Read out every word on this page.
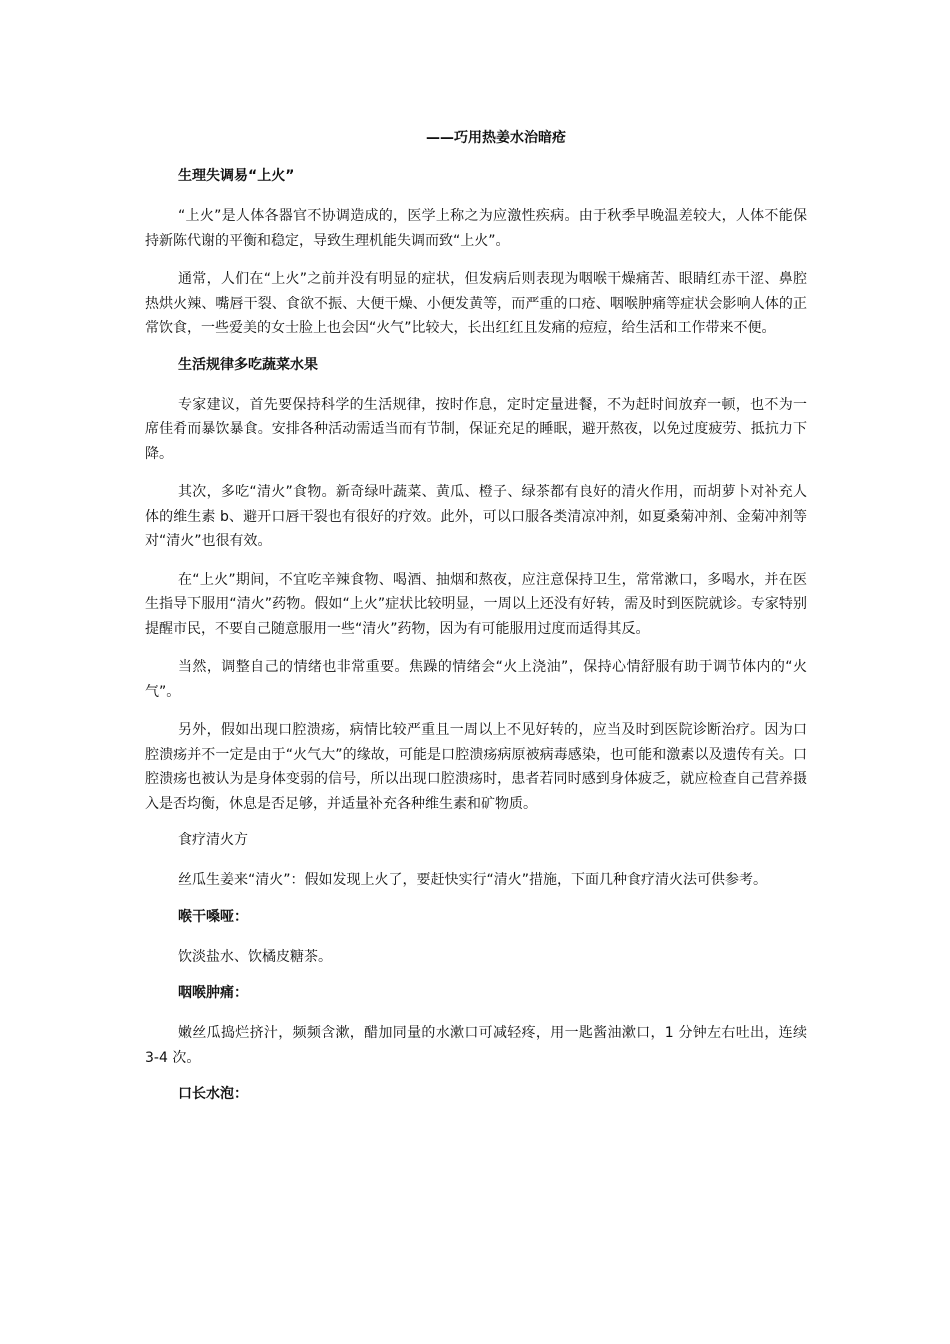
——巧用热姜水治暗疮
生理失调易“上火”

“上火”是人体各器官不协调造成的，医学上称之为应激性疾病。由于秋季早晚温差较大，人体不能保持新陈代谢的平衡和稳定，导致生理机能失调而致“上火”。

通常，人们在“上火”之前并没有明显的症状，但发病后则表现为咽喉干燥痛苦、眼睛红赤干涩、鼻腔热烘火辣、嘴唇干裂、食欲不振、大便干燥、小便发黄等，而严重的口疮、咽喉肿痛等症状会影响人体的正常饮食，一些爱美的女士脸上也会因“火气”比较大，长出红红且发痛的痘痘，给生活和工作带来不便。

生活规律多吃蔬菜水果

专家建议，首先要保持科学的生活规律，按时作息，定时定量进餐，不为赶时间放弃一顿，也不为一席佳肴而暴饮暴食。安排各种活动需适当而有节制，保证充足的睡眠，避开熬夜，以免过度疲劳、抵抗力下降。

其次，多吃“清火”食物。新奇绿叶蔬菜、黄瓜、橙子、绿茶都有良好的清火作用，而胡萝卜对补充人体的维生素 b、避开口唇干裂也有很好的疗效。此外，可以口服各类清凉冲剂，如夏桑菊冲剂、金菊冲剂等对“清火”也很有效。

在“上火”期间，不宜吃辛辣食物、喝酒、抽烟和熬夜，应注意保持卫生，常常漱口，多喝水，并在医生指导下服用“清火”药物。假如“上火”症状比较明显，一周以上还没有好转，需及时到医院就诊。专家特别提醒市民，不要自己随意服用一些“清火”药物，因为有可能服用过度而适得其反。

当然，调整自己的情绪也非常重要。焦躁的情绪会“火上浇油”，保持心情舒服有助于调节体内的“火气”。

另外，假如出现口腔溃疡，病情比较严重且一周以上不见好转的，应当及时到医院诊断治疗。因为口腔溃疡并不一定是由于“火气大”的缘故，可能是口腔溃疡病原被病毒感染，也可能和激素以及遗传有关。口腔溃疡也被认为是身体变弱的信号，所以出现口腔溃疡时，患者若同时感到身体疲乏，就应检查自己营养摄入是否均衡，休息是否足够，并适量补充各种维生素和矿物质。

食疗清火方

丝瓜生姜来“清火”：假如发现上火了，要赶快实行“清火”措施，下面几种食疗清火法可供参考。

喉干嗓哑：

饮淡盐水、饮橘皮糖茶。

咽喉肿痛：

嫩丝瓜捣烂挤汁，频频含漱，醋加同量的水漱口可减轻疼，用一匙酱油漱口，1 分钟左右吐出，连续 3-4 次。

口长水泡：
